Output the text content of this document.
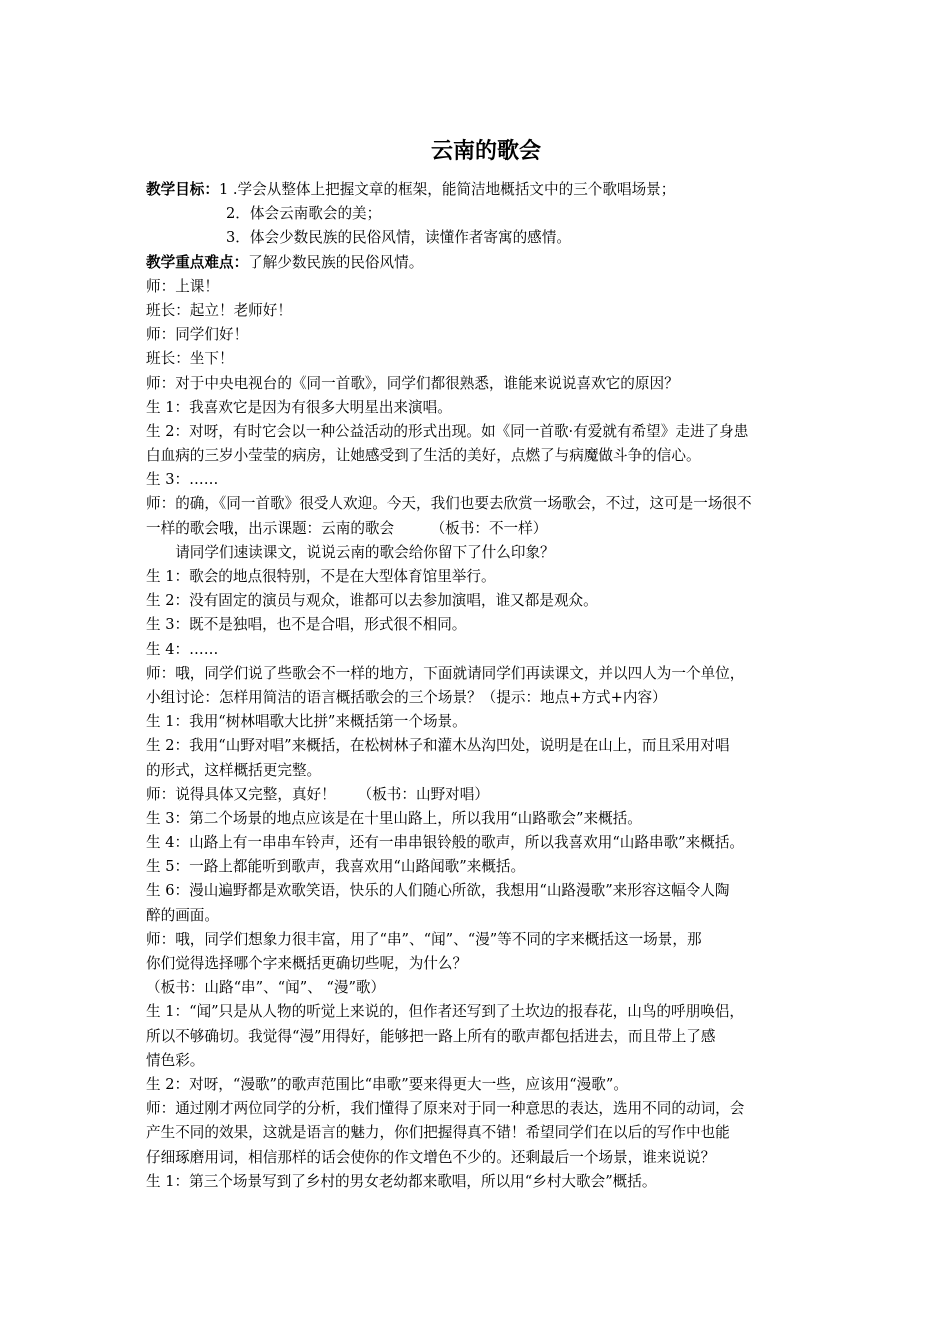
云南的歌会
教学目标：1 .学会从整体上把握文章的框架，能简洁地概括文中的三个歌唱场景；
2．体会云南歌会的美；
3．体会少数民族的民俗风情，读懂作者寄寓的感情。
教学重点难点：了解少数民族的民俗风情。
师：上课！
班长：起立！老师好！
师：同学们好！
班长：坐下！
师：对于中央电视台的《同一首歌》，同学们都很熟悉，谁能来说说喜欢它的原因？
生 1：我喜欢它是因为有很多大明星出来演唱。
生 2：对呀，有时它会以一种公益活动的形式出现。如《同一首歌·有爱就有希望》走进了身患
白血病的三岁小莹莹的病房，让她感受到了生活的美好，点燃了与病魔做斗争的信心。
生 3：……
师：的确，《同一首歌》很受人欢迎。今天，我们也要去欣赏一场歌会，不过，这可是一场很不
一样的歌会哦，出示课题：云南的歌会　　　（板书：不一样）
　　请同学们速读课文，说说云南的歌会给你留下了什么印象？
生 1：歌会的地点很特别，不是在大型体育馆里举行。
生 2：没有固定的演员与观众，谁都可以去参加演唱，谁又都是观众。
生 3：既不是独唱，也不是合唱，形式很不相同。
生 4：……
师：哦，同学们说了些歌会不一样的地方，下面就请同学们再读课文，并以四人为一个单位，
小组讨论：怎样用简洁的语言概括歌会的三个场景？（提示：地点+方式+内容）
生 1：我用“树林唱歌大比拼”来概括第一个场景。
生 2：我用“山野对唱”来概括，在松树林子和灌木丛沟凹处，说明是在山上，而且采用对唱
的形式，这样概括更完整。
师：说得具体又完整，真好！　　（板书：山野对唱）
生 3：第二个场景的地点应该是在十里山路上，所以我用“山路歌会”来概括。
生 4：山路上有一串串车铃声，还有一串串银铃般的歌声，所以我喜欢用“山路串歌”来概括。
生 5：一路上都能听到歌声，我喜欢用“山路闻歌”来概括。
生 6：漫山遍野都是欢歌笑语，快乐的人们随心所欲，我想用“山路漫歌”来形容这幅令人陶
醉的画面。
师：哦，同学们想象力很丰富，用了“串”、“闻”、“漫”等不同的字来概括这一场景，那
你们觉得选择哪个字来概括更确切些呢，为什么？
（板书：山路“串”、“闻”、 “漫”歌）
生 1：“闻”只是从人物的听觉上来说的，但作者还写到了土坎边的报春花，山鸟的呼朋唤侣，
所以不够确切。我觉得“漫”用得好，能够把一路上所有的歌声都包括进去，而且带上了感
情色彩。
生 2：对呀，“漫歌”的歌声范围比“串歌”要来得更大一些，应该用“漫歌”。
师：通过刚才两位同学的分析，我们懂得了原来对于同一种意思的表达，选用不同的动词，会
产生不同的效果，这就是语言的魅力，你们把握得真不错！希望同学们在以后的写作中也能
仔细琢磨用词，相信那样的话会使你的作文增色不少的。还剩最后一个场景，谁来说说？
生 1：第三个场景写到了乡村的男女老幼都来歌唱，所以用“乡村大歌会”概括。
